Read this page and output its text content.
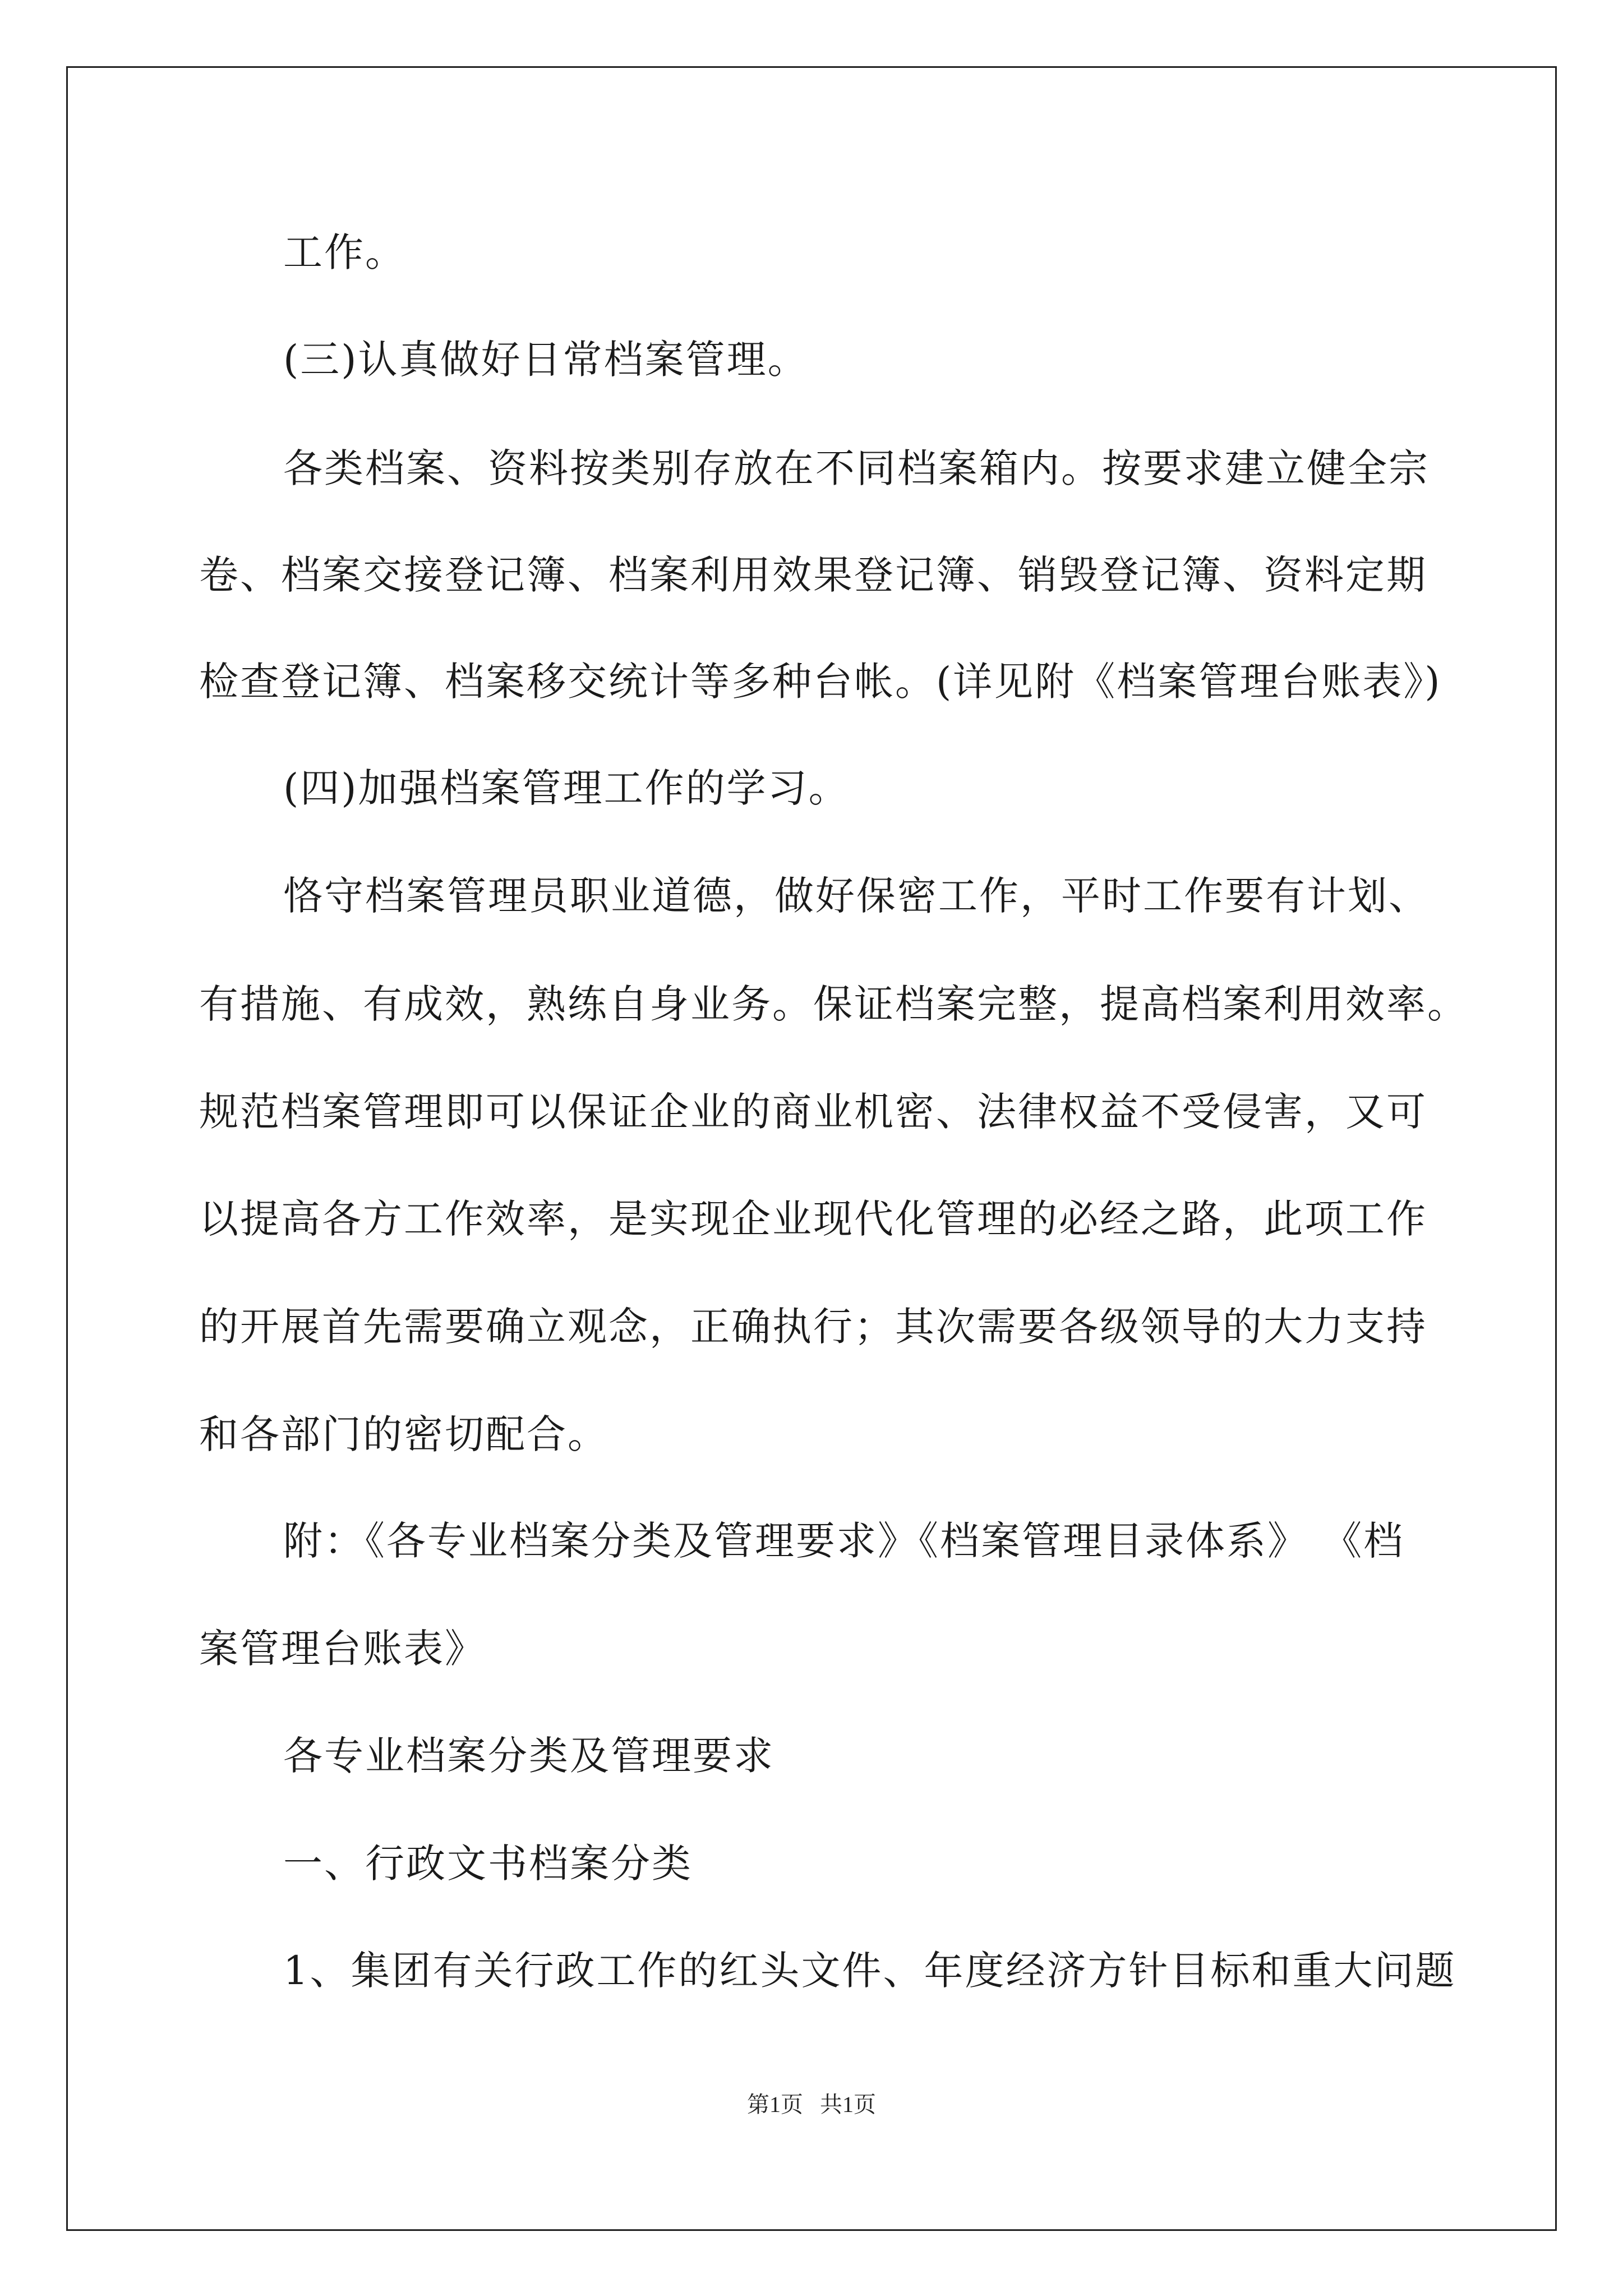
工作。
(三)认真做好日常档案管理。
各类档案、资料按类别存放在不同档案箱内。按要求建立健全宗
卷、档案交接登记簿、档案利用效果登记簿、销毁登记簿、资料定期
检查登记簿、档案移交统计等多种台帐。(详见附《档案管理台账表》)
(四)加强档案管理工作的学习。
恪守档案管理员职业道德，做好保密工作，平时工作要有计划、
有措施、有成效，熟练自身业务。保证档案完整，提高档案利用效率。
规范档案管理即可以保证企业的商业机密、法律权益不受侵害，又可
以提高各方工作效率，是实现企业现代化管理的必经之路，此项工作
的开展首先需要确立观念，正确执行；其次需要各级领导的大力支持
和各部门的密切配合。
附：《各专业档案分类及管理要求》《档案管理目录体系》 《档
案管理台账表》
各专业档案分类及管理要求
一、行政文书档案分类
1、集团有关行政工作的红头文件、年度经济方针目标和重大问题
第1页   共1页
